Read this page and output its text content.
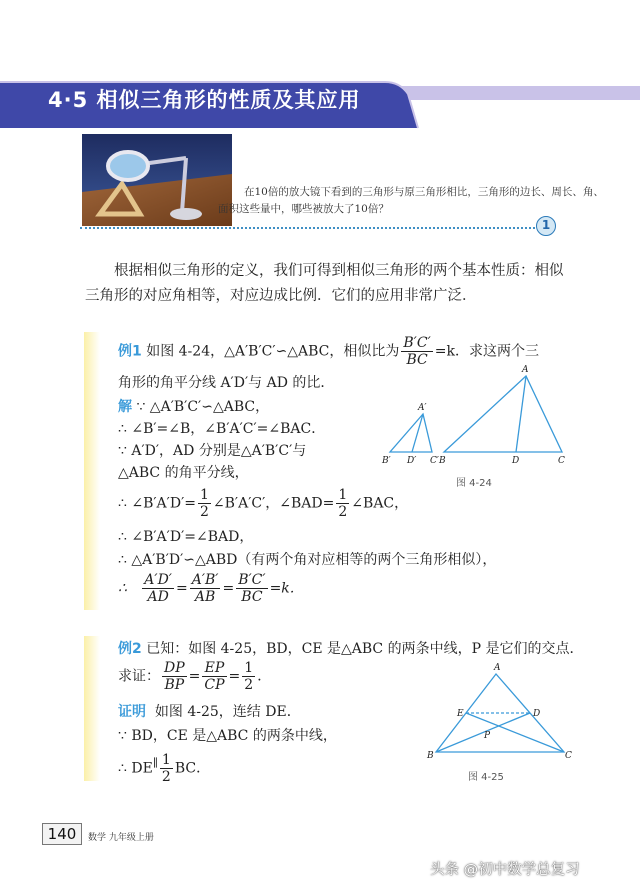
4·5 相似三角形的性质及其应用
在10倍的放大镜下看到的三角形与原三角形相比，三角形的边长、周长、角、面积这些量中，哪些被放大了10倍？
1
根据相似三角形的定义，我们可得到相似三角形的两个基本性质：相似
三角形的对应角相等，对应边成比例．它们的应用非常广泛．
例1 如图 4-24，△A′B′C′∽△ABC，相似比为 $\frac{B'C'}{BC} =k$．求这两个三
角形的角平分线 A′D′与 AD 的比．
解 ∵ △A′B′C′∽△ABC，
∴ ∠B′=∠B，∠B′A′C′=∠BAC．
∵ A′D′，AD 分别是△A′B′C′与
△ABC 的角平分线，
∴ ∠B′A′D′= $\frac{1}{2}$ ∠B′A′C′，∠BAD= $\frac{1}{2}$ ∠BAC，
∴ ∠B′A′D′=∠BAD，
∴ △A′B′D′∽△ABD（有两个角对应相等的两个三角形相似），
∴ $\frac{A'D'}{AD} = \frac{A'B'}{AB} = \frac{B'C'}{BC} =k$．
A′
B′ D′ C′
A
B	D	C
图 4-24
例2 已知：如图 4-25，BD，CE 是△ABC 的两条中线，P 是它们的交点．
求证： $\frac{DP}{BP} = \frac{EP}{CP} = \frac{1}{2}$ ．
证明 如图 4-25，连结 DE．
∵ BD，CE 是△ABC 的两条中线，
∴ $DE^\parallel \frac{1}{2}$ BC．
A
B	C
D
E
P
图 4-25
140	数学 九年级上册
头条 @初中数学总复习
